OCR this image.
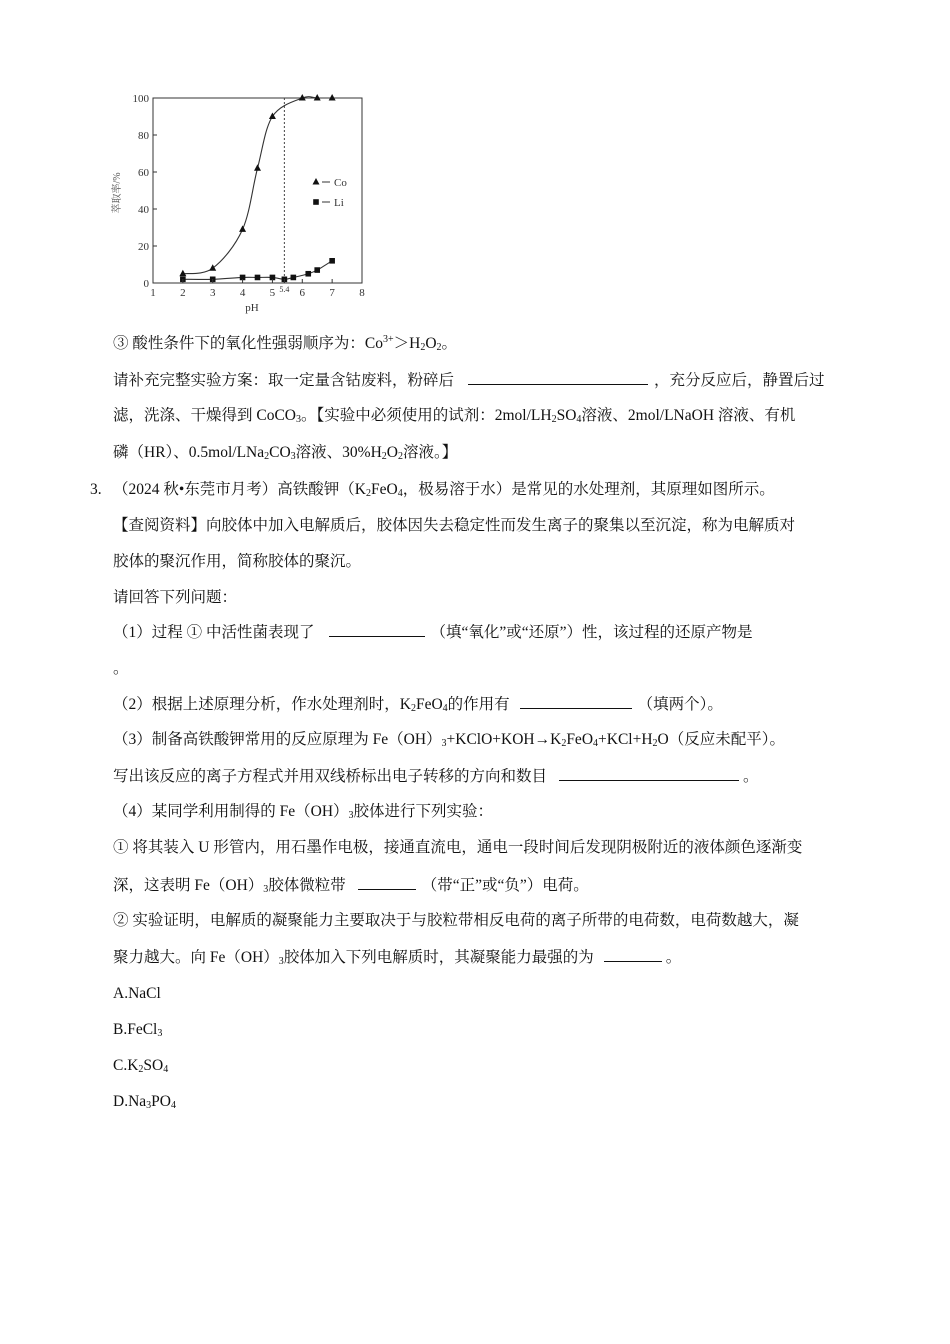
1 2 3 4 5 5.4 6 7 8
0
20
40
60
80
100
Co
Li
pH
萃取率/%
③ 酸性条件下的氧化性强弱顺序为：$Co^{3+}>H_2O_2$。
请补充完整实验方案：取一定量含钴废料，粉碎后	，充分反应后，静置后过
滤，洗涤、干燥得到 CoCO$_3$。【实验中必须使用的试剂：$2mol/LH_2SO_4$溶液、2mol/LNaOH 溶液、有机
磷（HR）、$0.5mol/LNa_2CO_3$溶液、$30\%H_2O_2$溶液。】
3. （2024 秋•东莞市月考）高铁酸钾（$K_2FeO_4$，极易溶于水）是常见的水处理剂，其原理如图所示。
【查阅资料】向胶体中加入电解质后，胶体因失去稳定性而发生离子的聚集以至沉淀，称为电解质对
胶体的聚沉作用，简称胶体的聚沉。
请回答下列问题：
（1）过程 ① 中活性菌表现了	（填“氧化”或“还原”）性，该过程的还原产物是
。
（2）根据上述原理分析，作水处理剂时，$K_2FeO_4$的作用有	（填两个）。
（3）制备高铁酸钾常用的反应原理为 $Fe(OH)_3+KClO+KOH\to K_2FeO_4+KCl+H_2O$（反应未配平）。
写出该反应的离子方程式并用双线桥标出电子转移的方向和数目	。
（4）某同学利用制得的 $Fe(OH)_3$胶体进行下列实验：
① 将其装入 U 形管内，用石墨作电极，接通直流电，通电一段时间后发现阴极附近的液体颜色逐渐变
深，这表明 $Fe(OH)_3$胶体微粒带	（带“正”或“负”）电荷。
② 实验证明，电解质的凝聚能力主要取决于与胶粒带相反电荷的离子所带的电荷数，电荷数越大，凝
聚力越大。向 $Fe(OH)_3$胶体加入下列电解质时，其凝聚能力最强的为	。
A.NaCl
B.FeCl$_3$
$C.K_2SO_4$
$D.Na_3PO_4$
